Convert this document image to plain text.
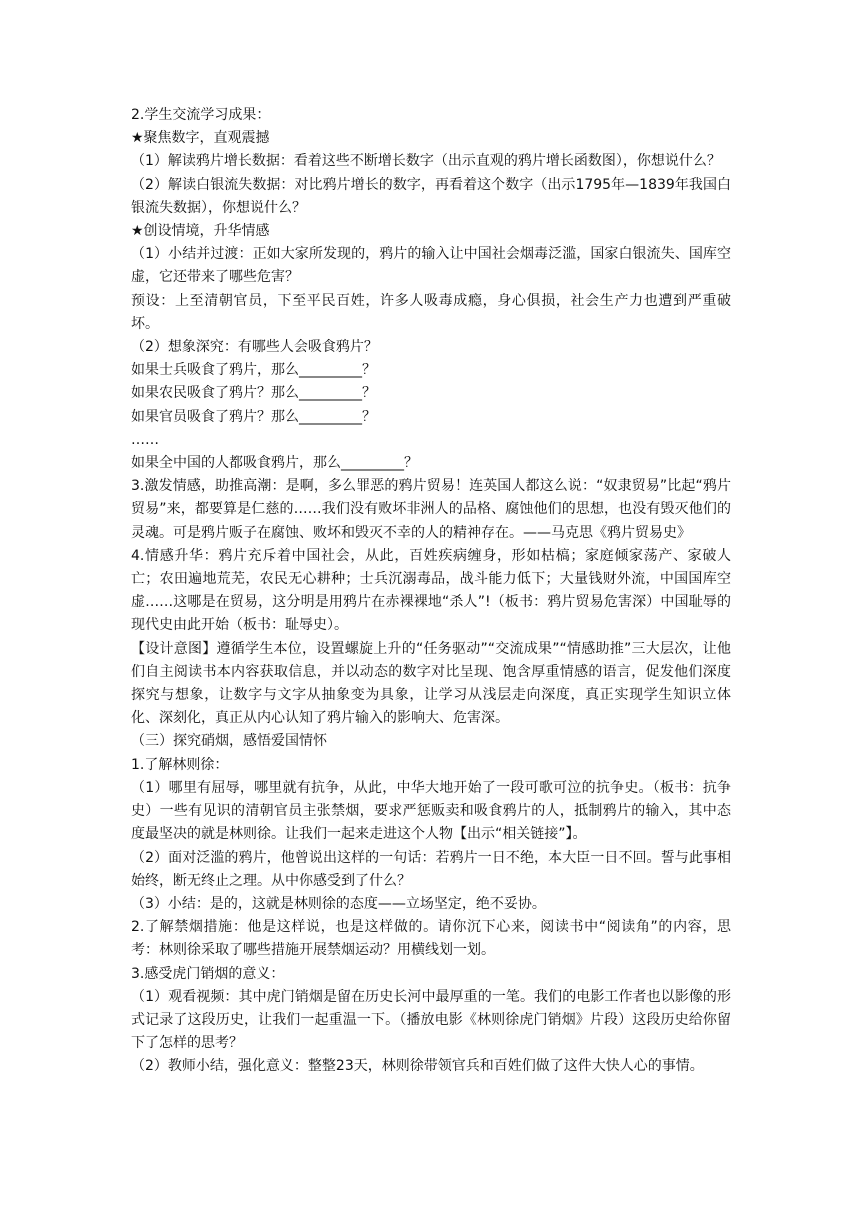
2.学生交流学习成果：

★聚焦数字，直观震撼

（1）解读鸦片增长数据：看着这些不断增长数字（出示直观的鸦片增长函数图），你想说什么？

（2）解读白银流失数据：对比鸦片增长的数字，再看着这个数字（出示1795年—1839年我国白银流失数据），你想说什么？

★创设情境，升华情感

（1）小结并过渡：正如大家所发现的，鸦片的输入让中国社会烟毒泛滥，国家白银流失、国库空虚，它还带来了哪些危害？

预设：上至清朝官员，下至平民百姓，许多人吸毒成瘾，身心俱损，社会生产力也遭到严重破坏。

（2）想象深究：有哪些人会吸食鸦片？

如果士兵吸食了鸦片，那么_________？

如果农民吸食了鸦片？那么_________？

如果官员吸食了鸦片？那么_________？

……

如果全中国的人都吸食鸦片，那么_________？

3.激发情感，助推高潮：是啊，多么罪恶的鸦片贸易！连英国人都这么说：“奴隶贸易”比起“鸦片贸易”来，都要算是仁慈的……我们没有败坏非洲人的品格、腐蚀他们的思想，也没有毁灭他们的灵魂。可是鸦片贩子在腐蚀、败坏和毁灭不幸的人的精神存在。——马克思《鸦片贸易史》

4.情感升华：鸦片充斥着中国社会，从此，百姓疾病缠身，形如枯槁；家庭倾家荡产、家破人亡；农田遍地荒芜，农民无心耕种；士兵沉溺毒品，战斗能力低下；大量钱财外流，中国国库空虚……这哪是在贸易，这分明是用鸦片在赤裸裸地“杀人”!（板书：鸦片贸易危害深）中国耻辱的现代史由此开始（板书：耻辱史）。

【设计意图】遵循学生本位，设置螺旋上升的“任务驱动”“交流成果”“情感助推”三大层次，让他们自主阅读书本内容获取信息，并以动态的数字对比呈现、饱含厚重情感的语言，促发他们深度探究与想象，让数字与文字从抽象变为具象，让学习从浅层走向深度，真正实现学生知识立体化、深刻化，真正从内心认知了鸦片输入的影响大、危害深。

（三）探究硝烟，感悟爱国情怀

1.了解林则徐：

（1）哪里有屈辱，哪里就有抗争，从此，中华大地开始了一段可歌可泣的抗争史。（板书：抗争史）一些有见识的清朝官员主张禁烟，要求严惩贩卖和吸食鸦片的人，抵制鸦片的输入，其中态度最坚决的就是林则徐。让我们一起来走进这个人物【出示“相关链接”】。

（2）面对泛滥的鸦片，他曾说出这样的一句话：若鸦片一日不绝，本大臣一日不回。誓与此事相始终，断无终止之理。从中你感受到了什么？

（3）小结：是的，这就是林则徐的态度——立场坚定，绝不妥协。

2.了解禁烟措施：他是这样说，也是这样做的。请你沉下心来，阅读书中“阅读角”的内容，思考：林则徐采取了哪些措施开展禁烟运动？用横线划一划。

3.感受虎门销烟的意义：

（1）观看视频：其中虎门销烟是留在历史长河中最厚重的一笔。我们的电影工作者也以影像的形式记录了这段历史，让我们一起重温一下。（播放电影《林则徐虎门销烟》片段）这段历史给你留下了怎样的思考？

（2）教师小结，强化意义：整整23天，林则徐带领官兵和百姓们做了这件大快人心的事情。
